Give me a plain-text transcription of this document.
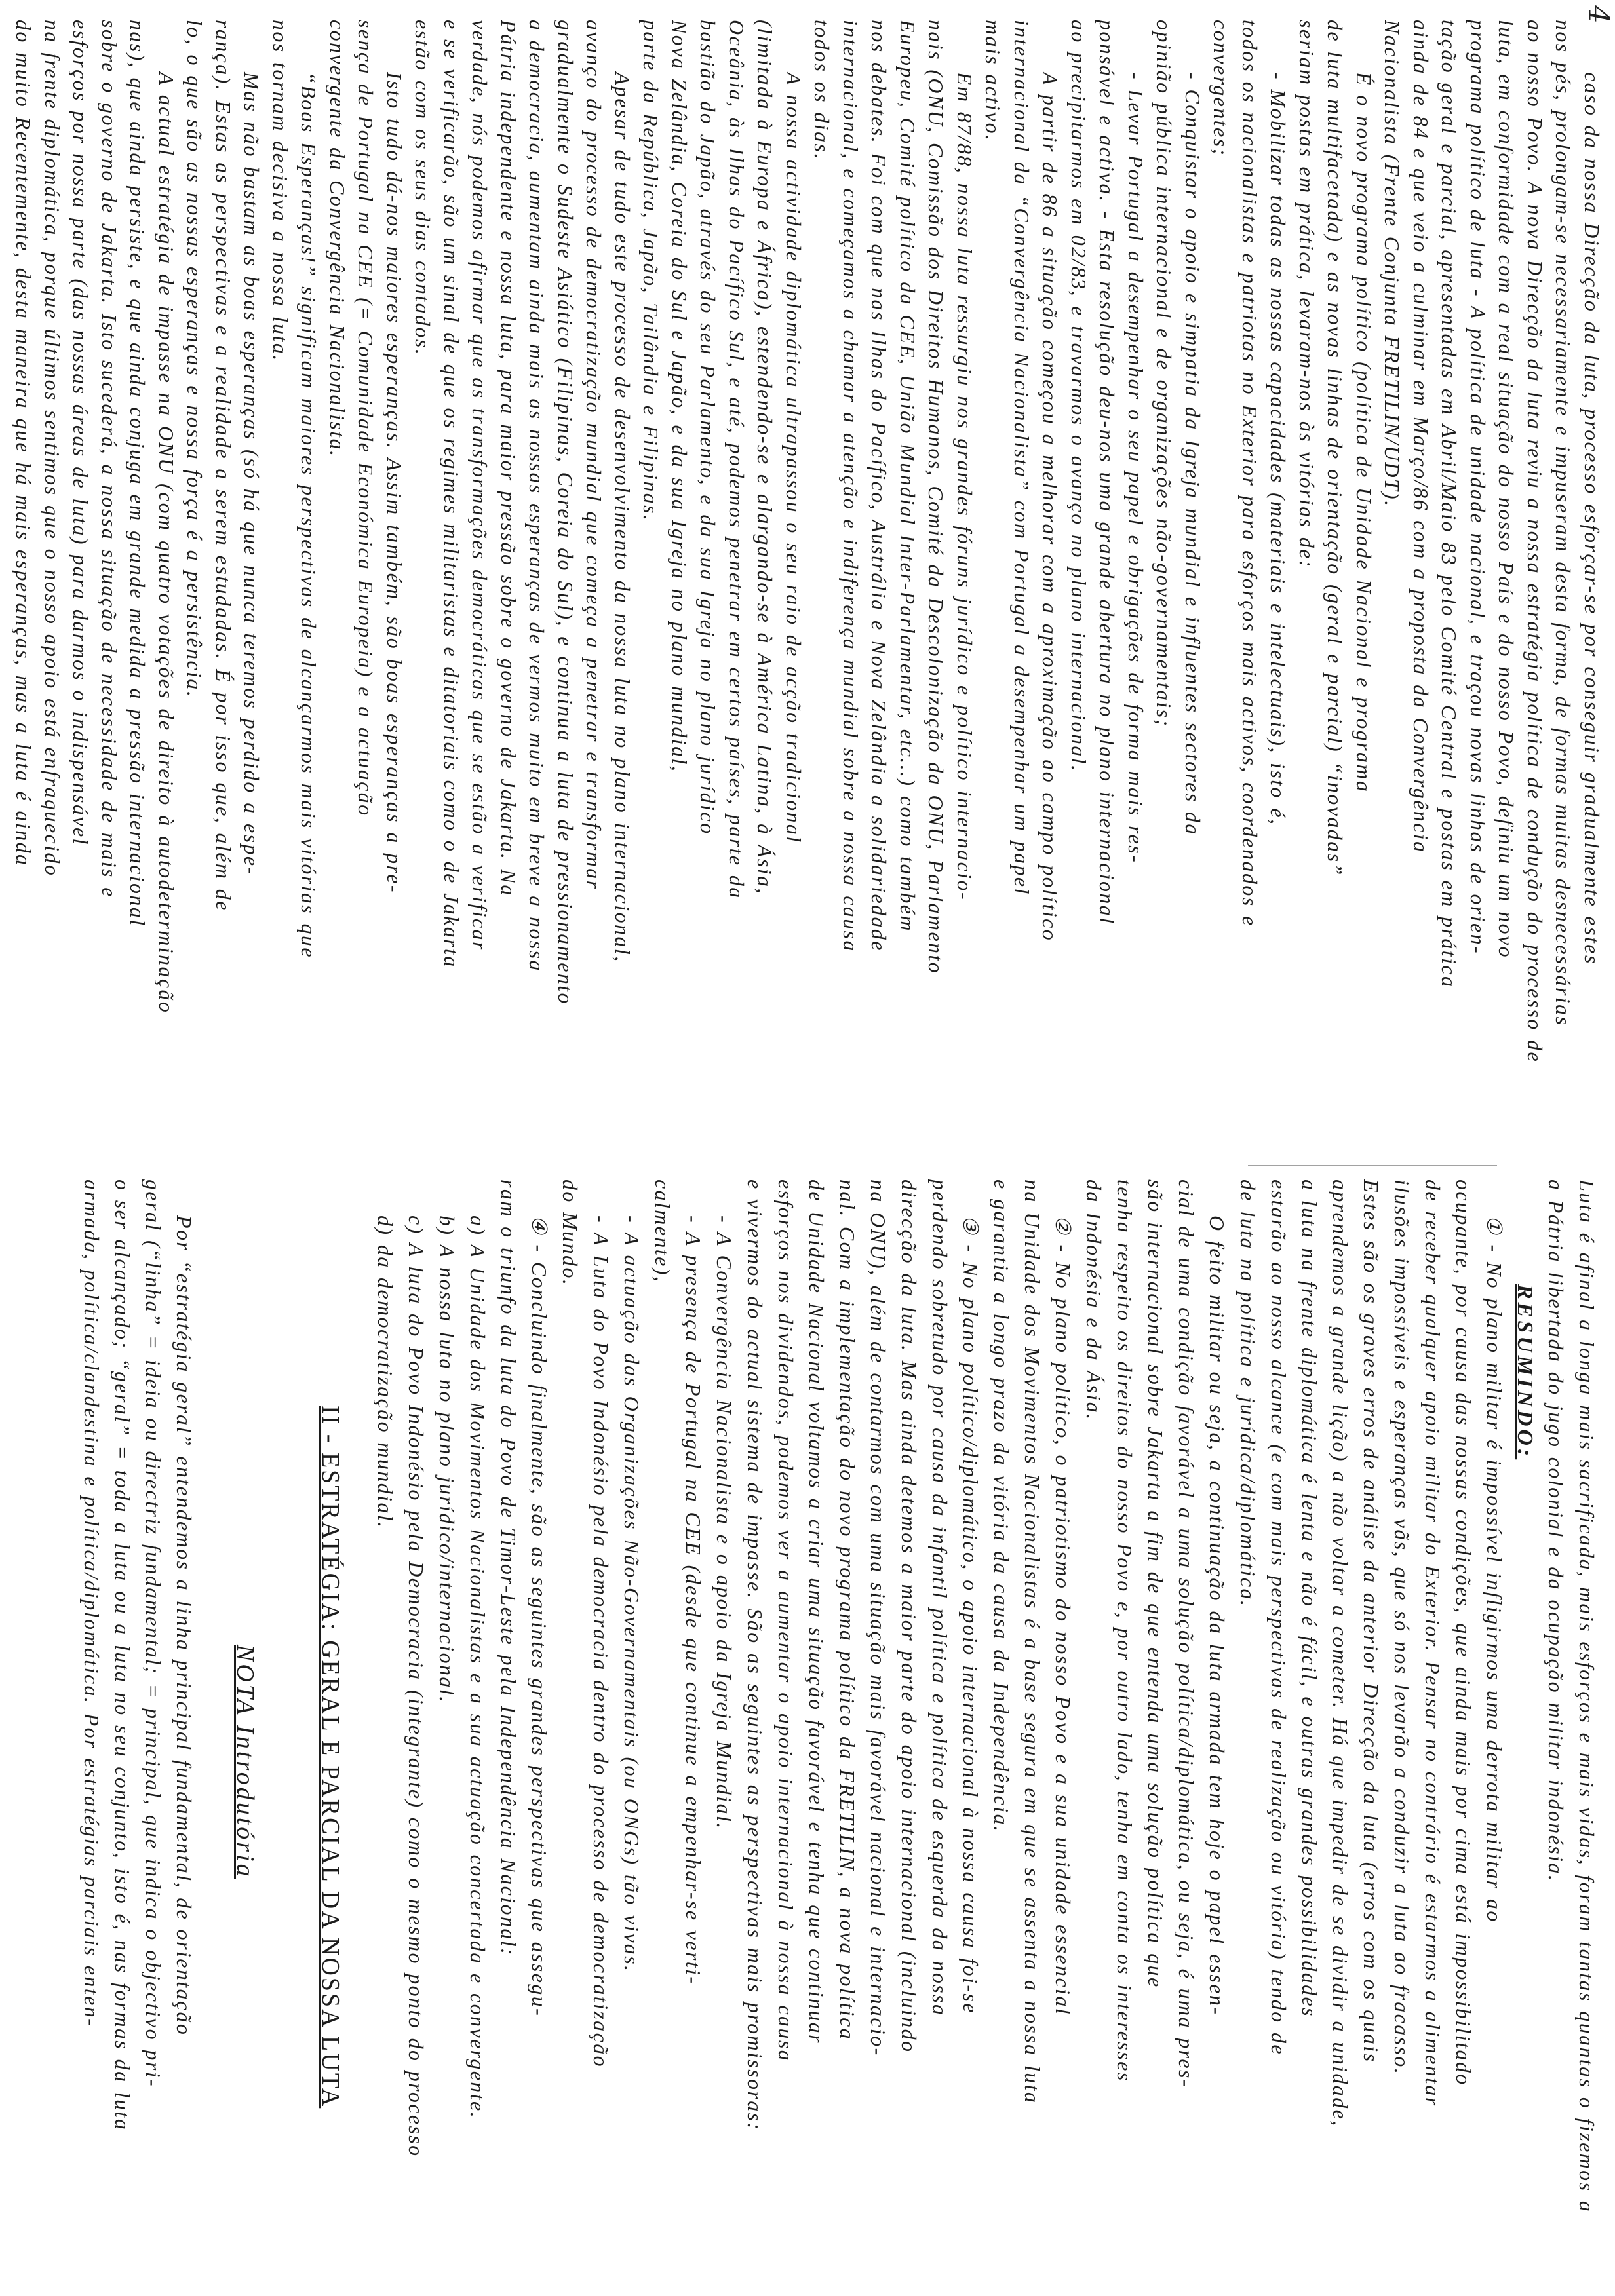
4
caso da nossa Direcção da luta, processo esforçar-se por conseguir gradualmente estes
nos pés, prolongam-se necessariamente e impuseram desta forma, de formas muitas desnecessárias
ao nosso Povo. A nova Direcção da luta reviu a nossa estratégia política de condução do processo de
luta, em conformidade com a real situação do nosso País e do nosso Povo, definiu um novo
programa político de luta - A política de unidade nacional, e traçou novas linhas de orien-
tação geral e parcial, apresentadas em Abril/Maio 83 pelo Comité Central e postas em prática
ainda de 84 e que veio a culminar em Março/86 com a proposta da Convergência
Nacionalista (Frente Conjunta FRETILIN/UDT).
É o novo programa político (política de Unidade Nacional e programa
de luta multifacetada) e as novas linhas de orientação (geral e parcial) “inovadas”
seriam postas em prática, levaram-nos às vitórias de:
- Mobilizar todas as nossas capacidades (materiais e intelectuais), isto é,
todos os nacionalistas e patriotas no Exterior para esforços mais activos, coordenados e
convergentes;
- Conquistar o apoio e simpatia da Igreja mundial e influentes sectores da
opinião pública internacional e de organizações não-governamentais;
- Levar Portugal a desempenhar o seu papel e obrigações de forma mais res-
ponsável e activa. - Esta resolução deu-nos uma grande abertura no plano internacional
ao precipitarmos em 02/83, e travarmos o avanço no plano internacional.
A partir de 86 a situação começou a melhorar com a aproximação ao campo político
internacional da “Convergência Nacionalista” com Portugal a desempenhar um papel
mais activo.
Em 87/88, nossa luta ressurgiu nos grandes fóruns jurídico e político internacio-
nais (ONU, Comissão dos Direitos Humanos, Comité da Descolonização da ONU, Parlamento
Europeu, Comité político da CEE, União Mundial Inter-Parlamentar, etc...) como também
nos debates. Foi com que nas Ilhas do Pacífico, Austrália e Nova Zelândia a solidariedade
internacional, e começamos a chamar a atenção e indiferença mundial sobre a nossa causa
todos os dias.
A nossa actividade diplomática ultrapassou o seu raio de acção tradicional
(limitada à Europa e África), estendendo-se e alargando-se à América Latina, à Ásia,
Oceânia, às Ilhas do Pacífico Sul, e até, podemos penetrar em certos países, parte da
bastião do Japão, através do seu Parlamento, e da sua Igreja no plano jurídico
Nova Zelândia, Coreia do Sul e Japão, e da sua Igreja no plano mundial,
parte da República, Japão, Tailândia e Filipinas.
Apesar de tudo este processo de desenvolvimento da nossa luta no plano internacional,
avanço do processo de democratização mundial que começa a penetrar e transformar
gradualmente o Sudeste Asiático (Filipinas, Coreia do Sul), e continua a luta de pressionamento
a democracia, aumentam ainda mais as nossas esperanças de vermos muito em breve a nossa
Pátria independente e nossa luta, para maior pressão sobre o governo de Jakarta. Na
verdade, nós podemos afirmar que as transformações democráticas que se estão a verificar
e se verificarão, são um sinal de que os regimes militaristas e ditatoriais como o de Jakarta
estão com os seus dias contados.
Isto tudo dá-nos maiores esperanças. Assim também, são boas esperanças a pre-
sença de Portugal na CEE (= Comunidade Económica Europeia) e a actuação
convergente da Convergência Nacionalista.
“Boas Esperanças!” significam maiores perspectivas de alcançarmos mais vitórias que
nos tornam decisiva a nossa luta.
Mas não bastam as boas esperanças (só há que nunca teremos perdido a espe-
rança). Estas as perspectivas e a realidade a serem estudadas. É por isso que, além de
lo, o que são as nossas esperanças e nossa força é a persistência.
A actual estratégia de impasse na ONU (com quatro votações de direito à autodeterminação
nas), que ainda persiste, e que ainda conjuga em grande medida a pressão internacional
sobre o governo de Jakarta. Isto sucederá, a nossa situação de necessidade de mais e
esforços por nossa parte (das nossas áreas de luta) para darmos o indispensável
na frente diplomática, porque últimos sentimos que o nosso apoio está enfraquecido
do muito Recentemente, desta maneira que há mais esperanças, mas a luta é ainda
Luta é afinal a longa mais sacrificada, mais esforços e mais vidas, foram tantas quantas o fizemos a
a Pátria libertada do jugo colonial e da ocupação militar indonésia.
RESUMINDO:
① - No plano militar é impossível infligirmos uma derrota militar ao
ocupante, por causa das nossas condições, que ainda mais por cima está impossibilitado
de receber qualquer apoio militar do Exterior. Pensar no contrário é estarmos a alimentar
ilusões impossíveis e esperanças vãs, que só nos levarão a conduzir a luta ao fracasso.
Estes são os graves erros de análise da anterior Direcção da luta (erros com os quais
aprendemos a grande lição) a não voltar a cometer. Há que impedir de se dividir a unidade,
a luta na frente diplomática é lenta e não é fácil, e outras grandes possibilidades
estarão ao nosso alcance (e com mais perspectivas de realização ou vitória) tendo de
de luta na política e jurídica/diplomática.
O feito militar ou seja, a continuação da luta armada tem hoje o papel essen-
cial de uma condição favorável a uma solução política/diplomática, ou seja, é uma pres-
são internacional sobre Jakarta a fim de que entenda uma solução política que
tenha respeito os direitos do nosso Povo e, por outro lado, tenha em conta os interesses
da Indonésia e da Ásia.
② - No plano político, o patriotismo do nosso Povo e a sua unidade essencial
na Unidade dos Movimentos Nacionalistas é a base segura em que se assenta a nossa luta
e garantia a longo prazo da vitória da causa da Independência.
③ - No plano político/diplomático, o apoio internacional à nossa causa foi-se
perdendo sobretudo por causa da infantil política e política de esquerda da nossa
direcção da luta. Mas ainda detemos a maior parte do apoio internacional (incluindo
na ONU), além de contarmos com uma situação mais favorável nacional e internacio-
nal. Com a implementação do novo programa político da FRETILIN, a nova política
de Unidade Nacional voltamos a criar uma situação favorável e tenha que continuar
esforços nos dividendos, podemos ver a aumentar o apoio internacional à nossa causa
e vivermos do actual sistema de impasse. São as seguintes as perspectivas mais promissoras:
- A Convergência Nacionalista e o apoio da Igreja Mundial.
- A presença de Portugal na CEE (desde que continue a empenhar-se verti-
calmente),
- A actuação das Organizações Não-Governamentais (ou ONGs) tão vivas.
- A Luta do Povo Indonésio pela democracia dentro do processo de democratização
do Mundo.
④ - Concluindo finalmente, são as seguintes grandes perspectivas que assegu-
ram o triunfo da luta do Povo de Timor-Leste pela Independência Nacional:
a) A Unidade dos Movimentos Nacionalistas e a sua actuação concertada e convergente.
b) A nossa luta no plano jurídico/internacional.
c) A luta do Povo Indonésio pela Democracia (integrante) como o mesmo ponto do processo
d) da democratização mundial.
II - ESTRATÉGIA: GERAL E PARCIAL DA NOSSA LUTA
NOTA Introdutória
Por “estratégia geral” entendemos a linha principal fundamental, de orientação
geral (“linha” = ideia ou directriz fundamental; = principal, que indica o objectivo pri-
o ser alcançado; “geral” = toda a luta ou a luta no seu conjunto, isto é, nas formas da luta
armada, política/clandestina e política/diplomática. Por estratégias parciais enten-
